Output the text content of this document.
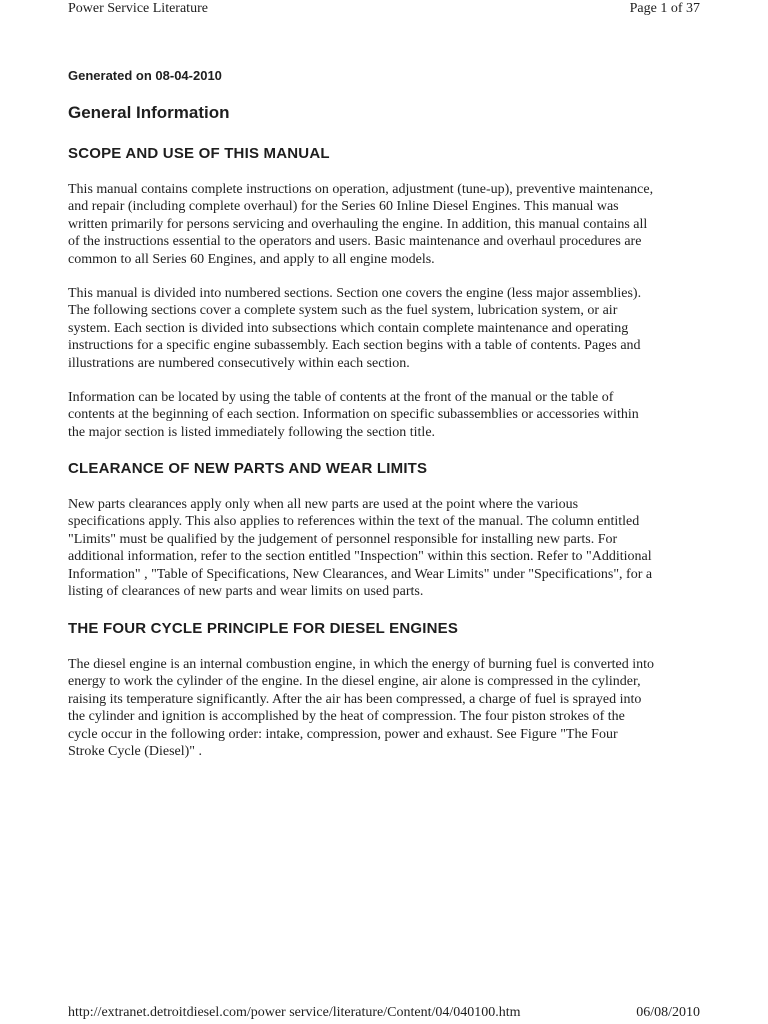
Power Service Literature	Page 1 of 37
Generated on 08-04-2010
General Information
SCOPE AND USE OF THIS MANUAL
This manual contains complete instructions on operation, adjustment (tune-up), preventive maintenance,
and repair (including complete overhaul) for the Series 60 Inline Diesel Engines. This manual was
written primarily for persons servicing and overhauling the engine. In addition, this manual contains all
of the instructions essential to the operators and users. Basic maintenance and overhaul procedures are
common to all Series 60 Engines, and apply to all engine models.
This manual is divided into numbered sections. Section one covers the engine (less major assemblies).
The following sections cover a complete system such as the fuel system, lubrication system, or air
system. Each section is divided into subsections which contain complete maintenance and operating
instructions for a specific engine subassembly. Each section begins with a table of contents. Pages and
illustrations are numbered consecutively within each section.
Information can be located by using the table of contents at the front of the manual or the table of
contents at the beginning of each section. Information on specific subassemblies or accessories within
the major section is listed immediately following the section title.
CLEARANCE OF NEW PARTS AND WEAR LIMITS
New parts clearances apply only when all new parts are used at the point where the various
specifications apply. This also applies to references within the text of the manual. The column entitled
"Limits" must be qualified by the judgement of personnel responsible for installing new parts. For
additional information, refer to the section entitled "Inspection" within this section. Refer to "Additional
Information" , "Table of Specifications, New Clearances, and Wear Limits" under "Specifications", for a
listing of clearances of new parts and wear limits on used parts.
THE FOUR CYCLE PRINCIPLE FOR DIESEL ENGINES
The diesel engine is an internal combustion engine, in which the energy of burning fuel is converted into
energy to work the cylinder of the engine. In the diesel engine, air alone is compressed in the cylinder,
raising its temperature significantly. After the air has been compressed, a charge of fuel is sprayed into
the cylinder and ignition is accomplished by the heat of compression. The four piston strokes of the
cycle occur in the following order: intake, compression, power and exhaust. See Figure "The Four
Stroke Cycle (Diesel)" .
http://extranet.detroitdiesel.com/power service/literature/Content/04/040100.htm	06/08/2010
